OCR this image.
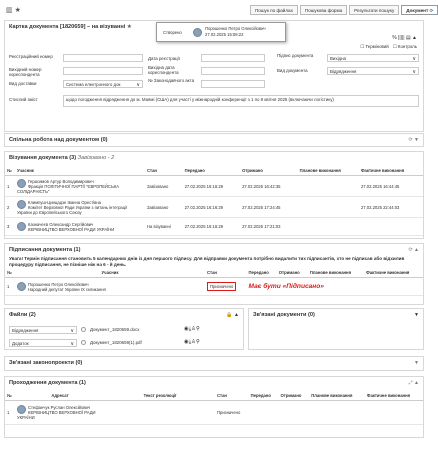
▥ ★	Пошук по файлах	Пошукова форма	Результати пошуку	Документ ⟳
Картка документа [1820659] – на візуванні ★
% ||||| ▤ ▲
☐ Терміновий ☐ Контроль
Реєстраційний номер
Вихідний номер кореспондента
Вид доставки	Система електронного док	∨
Дата реєстрації
Вихідна дата кореспондента
№ Законодавчого акта
Підпис документа
Вихідна	∨
Вид документа	Відрядження	∨
Стислий зміст	щодо погодження відрядження до м. Маямі (США) для участі у міжнародній конференції з 1 по 8 квітня 2025 (включаючи логістику)
Створено
Порошенко Петро Олексійович
27.02.2025 15:59:22
Спільна робота над документом (0)	⟳ ▼
Візування документа (3) Завізовано - 2
№	Учасник	Стан	Передано	Отримано	Планове виконання	Фактичне виконання
1	Герасимов Артур Володимирович
Фракція ПОЛІТИЧНОЇ ПАРТІЇ "ЄВРОПЕЙСЬКА СОЛІДАРНІСТЬ"	Завізовано	27.02.2025 16:16:29	27.02.2025 16:42:35		27.02.2025 16:44:45
2	Климпуш-Цинцадзе Іванна Орестівна
Комітет Верховної Ради України з питань інтеграції України до Європейського Союзу	Завізовано	27.02.2025 16:16:29	27.02.2025 17:24:45		27.02.2025 22:44:03
3	Казначеєв Олександр Сергійович
КЕРІВНИЦТВО ВЕРХОВНОЇ РАДИ УКРАЇНИ	На візуванні	27.02.2025 16:16:29	27.02.2025 17:21:03		
Підписання документа (1)	⟳ ▲
Увага! Термін підписання становить 5 календарних днів із дня першого підпису. Для відправки документа потрібно видалити тих підписантів, хто не підписав або відхилив процедуру підписання, не пізніше ніж на 6 - й день.
№	Учасник	Стан	Передано	Отримано	Планове виконання	Фактичне виконання
1	Порошенко Петро Олексійович
Народний депутат України IX скликання	Призначено	Має бути «Підписано»			
Файли (2)	🔒 ▲
Відрядження	∨	Документ_1820659.docx	◉⤓♙⚲
Додаток	∨	Документ_1820659(1).pdf	◉⤓♙⚲
Зв'язані документи (0)	▼
Зв'язані законопроекти (0)	▼
Проходження документа (1)	⤢ ▲
№	Адресат	Текст резолюції	Стан	Передано	Отримано	Планове виконання	Фактичне виконання
1	Стефанчук Руслан Олексійович
КЕРІВНИЦТВО ВЕРХОВНОЇ РАДИ УКРАЇНИ		Призначено				
